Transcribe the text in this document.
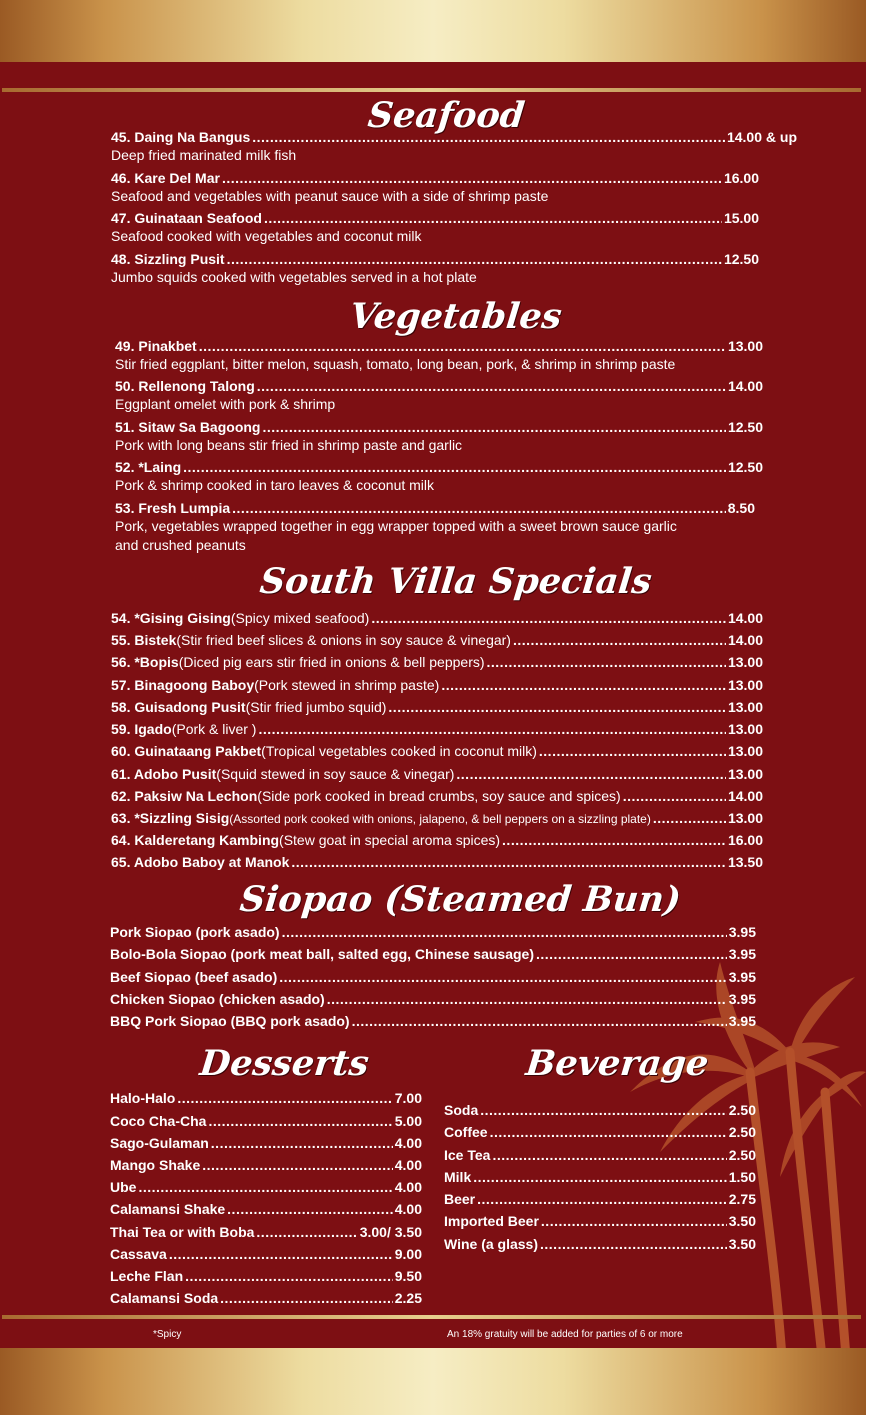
Seafood
45. Daing Na Bangus .....	14.00 & up

Deep fried marinated milk fish

46. Kare Del Mar .....	16.00

Seafood and vegetables with peanut sauce with a side of shrimp paste

47. Guinataan Seafood .....	15.00

Seafood cooked with vegetables and coconut milk

48. Sizzling Pusit .....	12.50

Jumbo squids cooked with vegetables served in a hot plate

Vegetables
49. Pinakbet .....	13.00

Stir fried eggplant, bitter melon, squash, tomato, long bean, pork, & shrimp in shrimp paste

50. Rellenong Talong .....	14.00

Eggplant omelet with pork & shrimp

51. Sitaw Sa Bagoong .....	12.50

Pork with long beans stir fried in shrimp paste and garlic

52. *Laing .....	12.50

Pork & shrimp cooked in taro leaves & coconut milk

53. Fresh Lumpia .....	8.50

Pork, vegetables wrapped together in egg wrapper topped with a sweet brown sauce garlic

and crushed peanuts

South Villa Specials
54. *Gising Gising (Spicy mixed seafood) .....	14.00
55. Bistek (Stir fried beef slices & onions in soy sauce & vinegar) .....	14.00
56. *Bopis (Diced pig ears stir fried in onions & bell peppers) .....	13.00
57. Binagoong Baboy (Pork stewed in shrimp paste) .....	13.00
58. Guisadong Pusit (Stir fried jumbo squid) .....	13.00
59. Igado (Pork & liver ) .....	13.00
60. Guinataang Pakbet (Tropical vegetables cooked in coconut milk) .....	13.00
61. Adobo Pusit (Squid stewed in soy sauce & vinegar) .....	13.00
62. Paksiw Na Lechon (Side pork cooked in bread crumbs, soy sauce and spices) .....	14.00
63. *Sizzling Sisig (Assorted pork cooked with onions, jalapeno, & bell peppers on a sizzling plate) .....	13.00
64. Kalderetang Kambing (Stew goat in special aroma spices) .....	16.00
65. Adobo Baboy at Manok .....	13.50
Siopao (Steamed Bun)
Pork Siopao (pork asado) .....	3.95
Bolo-Bola Siopao (pork meat ball, salted egg, Chinese sausage) .....	3.95
Beef Siopao (beef asado) .....	3.95
Chicken Siopao (chicken asado) .....	3.95
BBQ Pork Siopao (BBQ pork asado) .....	3.95
Desserts
Halo-Halo .....	7.00
Coco Cha-Cha .....	5.00
Sago-Gulaman .....	4.00
Mango Shake .....	4.00
Ube .....	4.00
Calamansi Shake .....	4.00
Thai Tea or with Boba .....	3.00/ 3.50
Cassava .....	9.00
Leche Flan .....	9.50
Calamansi Soda .....	2.25
Beverage
Soda .....	2.50
Coffee .....	2.50
Ice Tea .....	2.50
Milk .....	1.50
Beer .....	2.75
Imported Beer .....	3.50
Wine (a glass) .....	3.50
*Spicy	An 18% gratuity will be added for parties of 6 or more
